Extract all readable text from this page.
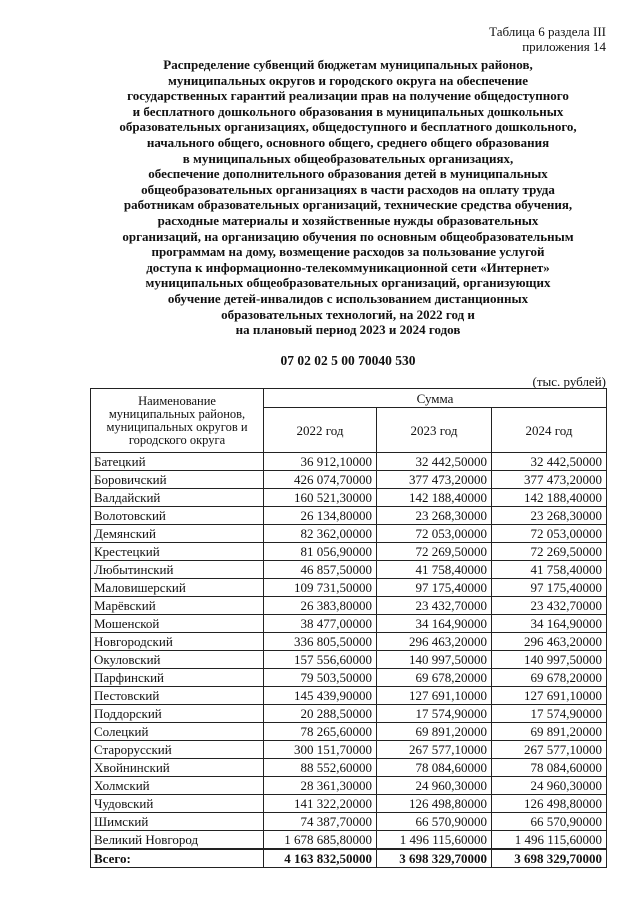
Таблица 6 раздела III
приложения 14
Распределение субвенций бюджетам муниципальных районов,
муниципальных округов и городского округа на обеспечение
государственных гарантий реализации прав на получение общедоступного
и бесплатного дошкольного образования в муниципальных дошкольных
образовательных организациях, общедоступного и бесплатного дошкольного,
начального общего, основного общего, среднего общего образования
в муниципальных общеобразовательных организациях,
обеспечение дополнительного образования детей в муниципальных
общеобразовательных организациях в части расходов на оплату труда
работникам образовательных организаций, технические средства обучения,
расходные материалы и хозяйственные нужды образовательных
организаций, на организацию обучения по основным общеобразовательным
программам на дому, возмещение расходов за пользование услугой
доступа к информационно-телекоммуникационной сети «Интернет»
муниципальных общеобразовательных организаций, организующих
обучение детей-инвалидов с использованием дистанционных
образовательных технологий, на 2022 год и
на плановый период 2023 и 2024 годов
07 02 02 5 00 70040 530
(тыс. рублей)
Наименование муниципальных районов, муниципальных округов и городского округа	Сумма		
	2022 год	2023 год	2024 год
Батецкий	36 912,10000	32 442,50000	32 442,50000
Боровичский	426 074,70000	377 473,20000	377 473,20000
Валдайский	160 521,30000	142 188,40000	142 188,40000
Волотовский	26 134,80000	23 268,30000	23 268,30000
Демянский	82 362,00000	72 053,00000	72 053,00000
Крестецкий	81 056,90000	72 269,50000	72 269,50000
Любытинский	46 857,50000	41 758,40000	41 758,40000
Маловишерский	109 731,50000	97 175,40000	97 175,40000
Марёвский	26 383,80000	23 432,70000	23 432,70000
Мошенской	38 477,00000	34 164,90000	34 164,90000
Новгородский	336 805,50000	296 463,20000	296 463,20000
Окуловский	157 556,60000	140 997,50000	140 997,50000
Парфинский	79 503,50000	69 678,20000	69 678,20000
Пестовский	145 439,90000	127 691,10000	127 691,10000
Поддорский	20 288,50000	17 574,90000	17 574,90000
Солецкий	78 265,60000	69 891,20000	69 891,20000
Старорусский	300 151,70000	267 577,10000	267 577,10000
Хвойнинский	88 552,60000	78 084,60000	78 084,60000
Холмский	28 361,30000	24 960,30000	24 960,30000
Чудовский	141 322,20000	126 498,80000	126 498,80000
Шимский	74 387,70000	66 570,90000	66 570,90000
Великий Новгород	1 678 685,80000	1 496 115,60000	1 496 115,60000
Всего:	4 163 832,50000	3 698 329,70000	3 698 329,70000
